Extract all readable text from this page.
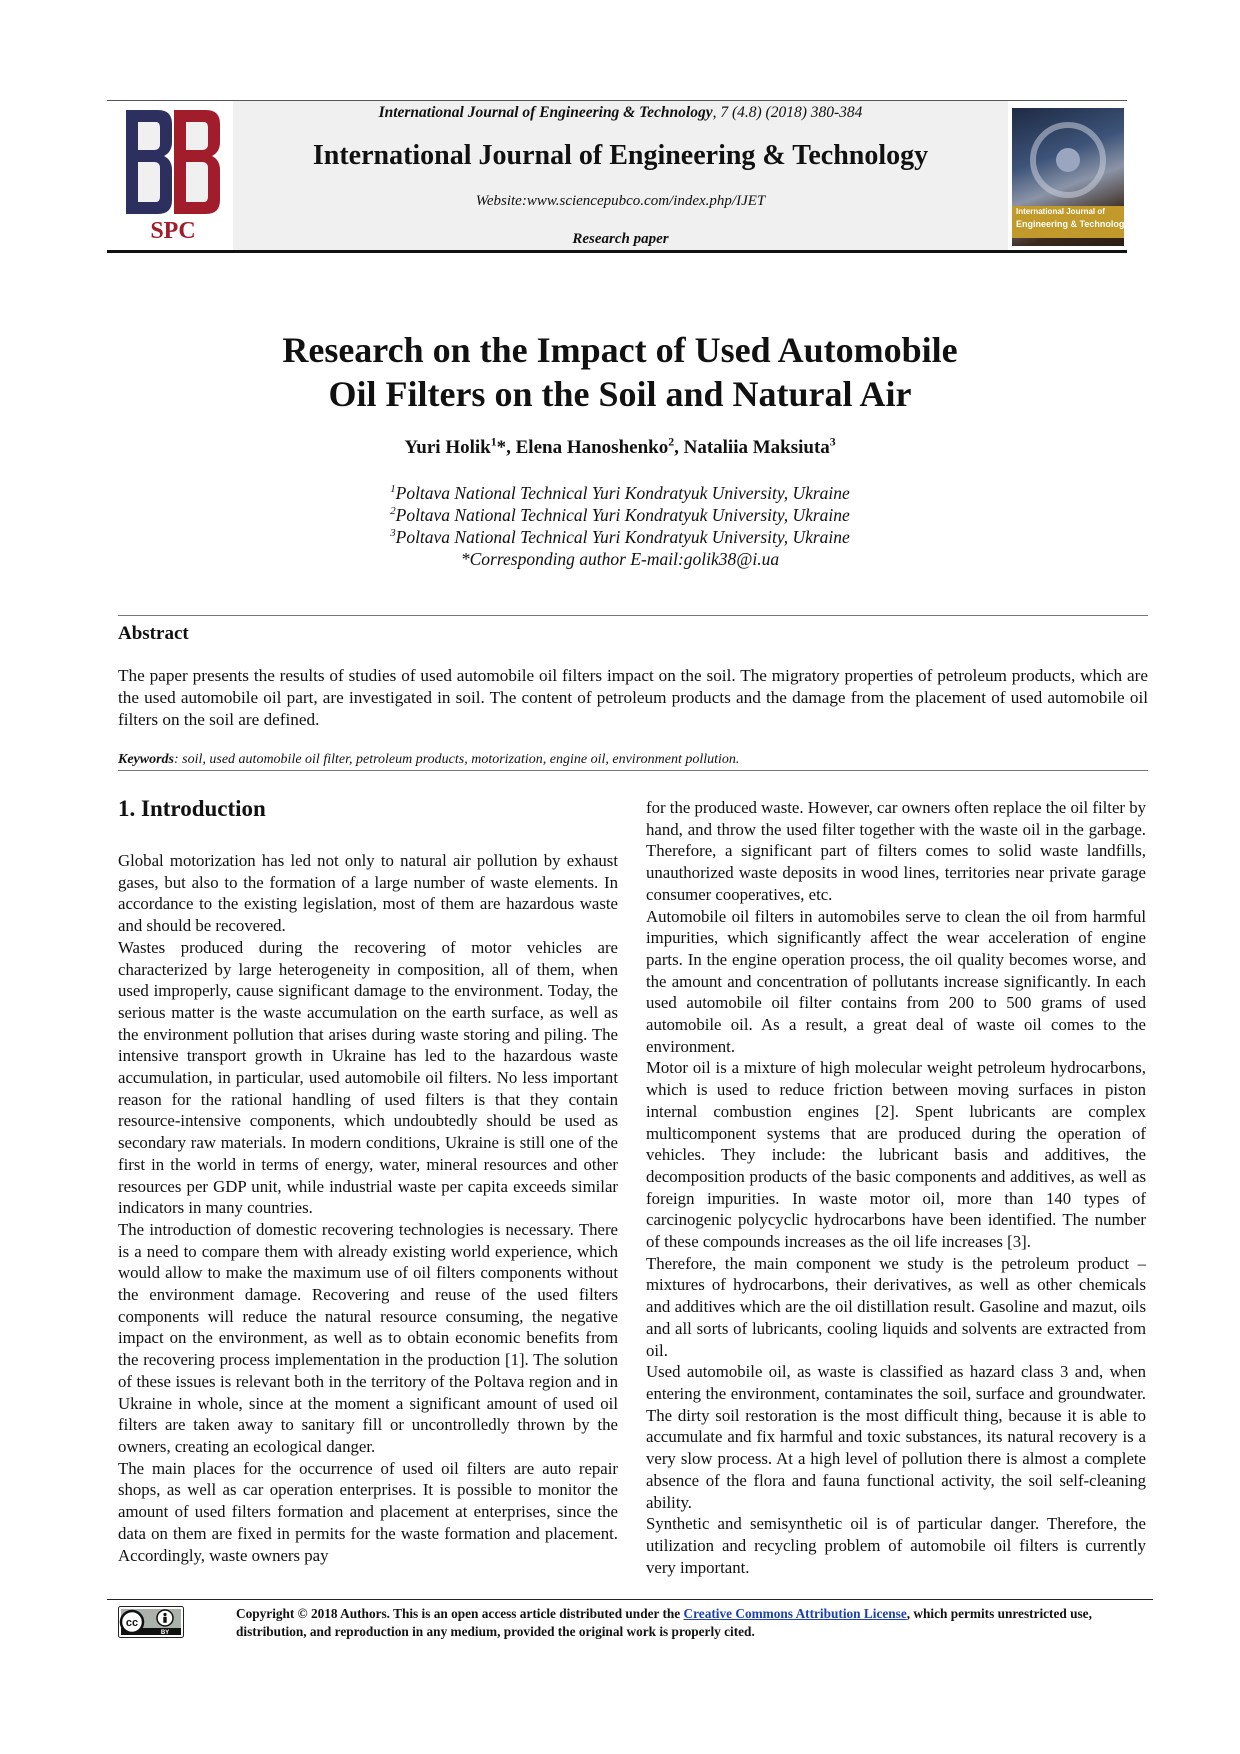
SPC
International Journal of Engineering & Technology, 7 (4.8) (2018) 380-384
International Journal of Engineering & Technology
Website:www.sciencepubco.com/index.php/IJET
Research paper
International Journal of
Engineering & Technology
Research on the Impact of Used Automobile
Oil Filters on the Soil and Natural Air
Yuri Holik$^1$*, Elena Hanoshenko$^2$, Nataliia Maksiuta$^3$
$^1$Poltava National Technical Yuri Kondratyuk University, Ukraine
$^2$Poltava National Technical Yuri Kondratyuk University, Ukraine
$^3$Poltava National Technical Yuri Kondratyuk University, Ukraine
*Corresponding author E-mail:golik38@i.ua
Abstract
The paper presents the results of studies of used automobile oil filters impact on the soil. The migratory properties of petroleum products, which are the used automobile oil part, are investigated in soil. The content of petroleum products and the damage from the placement of used automobile oil filters on the soil are defined.
Keywords: soil, used automobile oil filter, petroleum products, motorization, engine oil, environment pollution.
1. Introduction

Global motorization has led not only to natural air pollution by exhaust gases, but also to the formation of a large number of waste elements. In accordance to the existing legislation, most of them are hazardous waste and should be recovered.

Wastes produced during the recovering of motor vehicles are characterized by large heterogeneity in composition, all of them, when used improperly, cause significant damage to the environment. Today, the serious matter is the waste accumulation on the earth surface, as well as the environment pollution that arises during waste storing and piling. The intensive transport growth in Ukraine has led to the hazardous waste accumulation, in particular, used automobile oil filters. No less important reason for the rational handling of used filters is that they contain resource-intensive components, which undoubtedly should be used as secondary raw materials. In modern conditions, Ukraine is still one of the first in the world in terms of energy, water, mineral resources and other resources per GDP unit, while industrial waste per capita exceeds similar indicators in many countries.

The introduction of domestic recovering technologies is necessary. There is a need to compare them with already existing world experience, which would allow to make the maximum use of oil filters components without the environment damage. Recovering and reuse of the used filters components will reduce the natural resource consuming, the negative impact on the environment, as well as to obtain economic benefits from the recovering process implementation in the production [1]. The solution of these issues is relevant both in the territory of the Poltava region and in Ukraine in whole, since at the moment a significant amount of used oil filters are taken away to sanitary fill or uncontrolledly thrown by the owners, creating an ecological danger.

The main places for the occurrence of used oil filters are auto repair shops, as well as car operation enterprises. It is possible to monitor the amount of used filters formation and placement at enterprises, since the data on them are fixed in permits for the waste formation and placement. Accordingly, waste owners pay

for the produced waste. However, car owners often replace the oil filter by hand, and throw the used filter together with the waste oil in the garbage. Therefore, a significant part of filters comes to solid waste landfills, unauthorized waste deposits in wood lines, territories near private garage consumer cooperatives, etc.

Automobile oil filters in automobiles serve to clean the oil from harmful impurities, which significantly affect the wear acceleration of engine parts. In the engine operation process, the oil quality becomes worse, and the amount and concentration of pollutants increase significantly. In each used automobile oil filter contains from 200 to 500 grams of used automobile oil. As a result, a great deal of waste oil comes to the environment.

Motor oil is a mixture of high molecular weight petroleum hydrocarbons, which is used to reduce friction between moving surfaces in piston internal combustion engines [2]. Spent lubricants are complex multicomponent systems that are produced during the operation of vehicles. They include: the lubricant basis and additives, the decomposition products of the basic components and additives, as well as foreign impurities. In waste motor oil, more than 140 types of carcinogenic polycyclic hydrocarbons have been identified. The number of these compounds increases as the oil life increases [3].

Therefore, the main component we study is the petroleum product –mixtures of hydrocarbons, their derivatives, as well as other chemicals and additives which are the oil distillation result. Gasoline and mazut, oils and all sorts of lubricants, cooling liquids and solvents are extracted from oil.

Used automobile oil, as waste is classified as hazard class 3 and, when entering the environment, contaminates the soil, surface and groundwater. The dirty soil restoration is the most difficult thing, because it is able to accumulate and fix harmful and toxic substances, its natural recovery is a very slow process. At a high level of pollution there is almost a complete absence of the flora and fauna functional activity, the soil self-cleaning ability.

Synthetic and semisynthetic oil is of particular danger. Therefore, the utilization and recycling problem of automobile oil filters is currently very important.

cc
BY
Copyright © 2018 Authors. This is an open access article distributed under the Creative Commons Attribution License, which permits unrestricted use, distribution, and reproduction in any medium, provided the original work is properly cited.
